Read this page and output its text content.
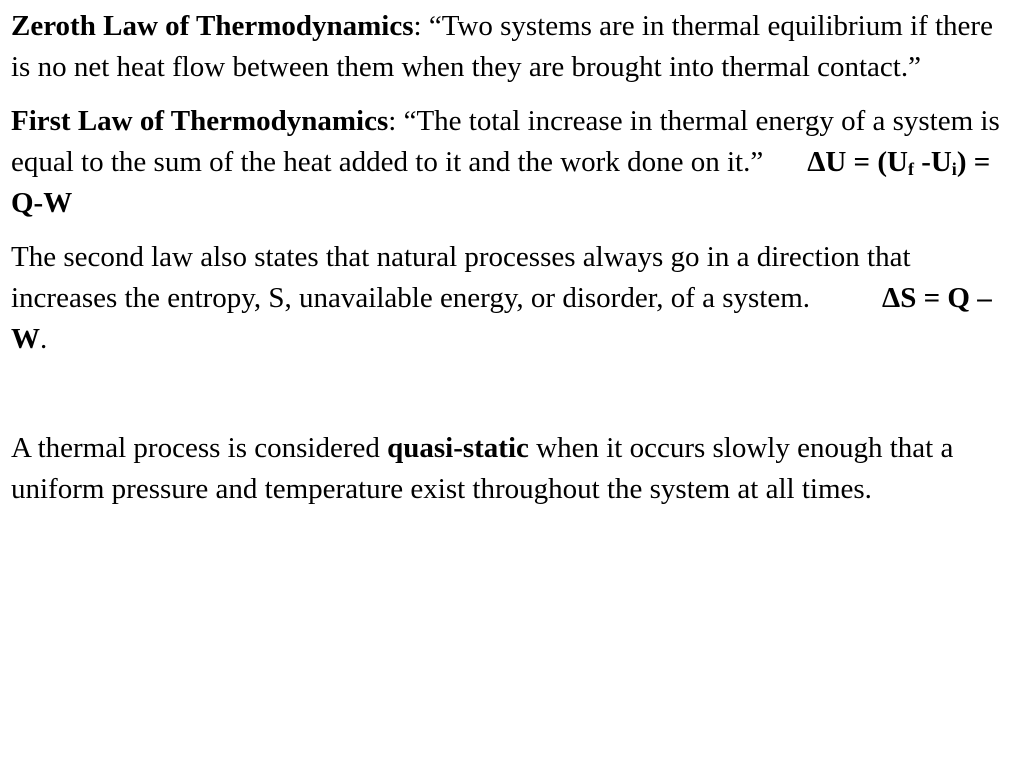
Zeroth Law of Thermodynamics: “Two systems are in thermal equilibrium if there is no net heat flow between them when they are brought into thermal contact.”

First Law of Thermodynamics: “The total increase in thermal energy of a system is equal to the sum of the heat added to it and the work done on it.” $\Delta U = (U_f$ $-U_i) = Q-W$

The second law also states that natural processes always go in a direction that increases the entropy, S, unavailable energy, or disorder, of a system. ΔS = Q – W.

A thermal process is considered quasi-static when it occurs slowly enough that a uniform pressure and temperature exist throughout the system at all times.
